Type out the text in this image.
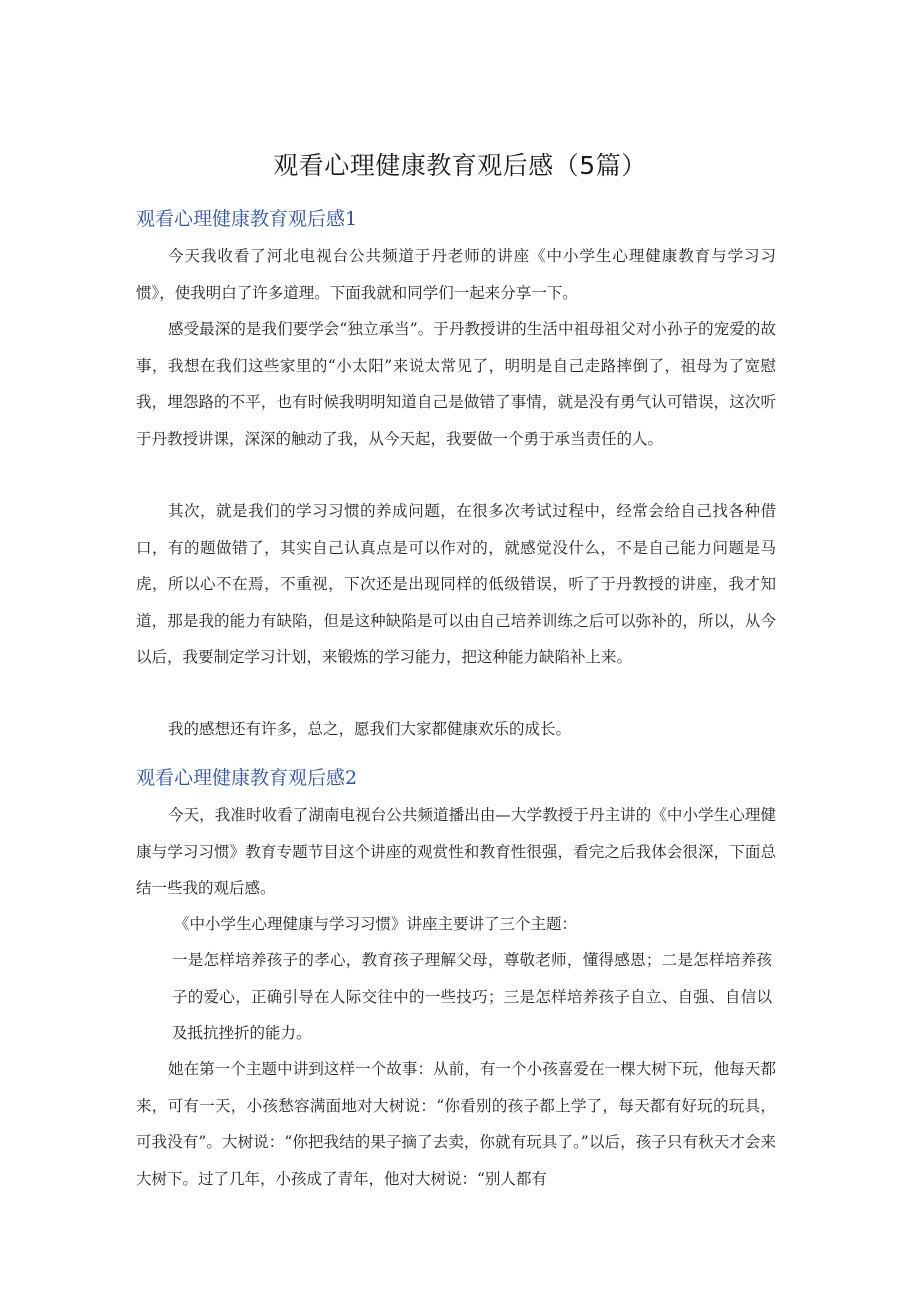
观看心理健康教育观后感（5篇）
观看心理健康教育观后感1
今天我收看了河北电视台公共频道于丹老师的讲座《中小学生心理健康教育与学习习惯》，使我明白了许多道理。下面我就和同学们一起来分享一下。
感受最深的是我们要学会“独立承当”。于丹教授讲的生活中祖母祖父对小孙子的宠爱的故事，我想在我们这些家里的“小太阳”来说太常见了，明明是自己走路摔倒了，祖母为了宽慰我，埋怨路的不平，也有时候我明明知道自己是做错了事情，就是没有勇气认可错误，这次听于丹教授讲课，深深的触动了我，从今天起，我要做一个勇于承当责任的人。
其次，就是我们的学习习惯的养成问题，在很多次考试过程中，经常会给自己找各种借口，有的题做错了，其实自己认真点是可以作对的，就感觉没什么，不是自己能力问题是马虎，所以心不在焉，不重视，下次还是出现同样的低级错误，听了于丹教授的讲座，我才知道，那是我的能力有缺陷，但是这种缺陷是可以由自己培养训练之后可以弥补的，所以，从今以后，我要制定学习计划，来锻炼的学习能力，把这种能力缺陷补上来。
我的感想还有许多，总之，愿我们大家都健康欢乐的成长。
观看心理健康教育观后感2
今天，我准时收看了湖南电视台公共频道播出由—大学教授于丹主讲的《中小学生心理健康与学习习惯》教育专题节目这个讲座的观赏性和教育性很强，看完之后我体会很深，下面总结一些我的观后感。
《中小学生心理健康与学习习惯》讲座主要讲了三个主题：
一是怎样培养孩子的孝心，教育孩子理解父母，尊敬老师，懂得感恩；二是怎样培养孩子的爱心，正确引导在人际交往中的一些技巧；三是怎样培养孩子自立、自强、自信以及抵抗挫折的能力。
她在第一个主题中讲到这样一个故事：从前，有一个小孩喜爱在一棵大树下玩，他每天都来，可有一天，小孩愁容满面地对大树说：“你看别的孩子都上学了，每天都有好玩的玩具，可我没有”。大树说：“你把我结的果子摘了去卖，你就有玩具了。”以后，孩子只有秋天才会来大树下。过了几年，小孩成了青年，他对大树说：“别人都有
